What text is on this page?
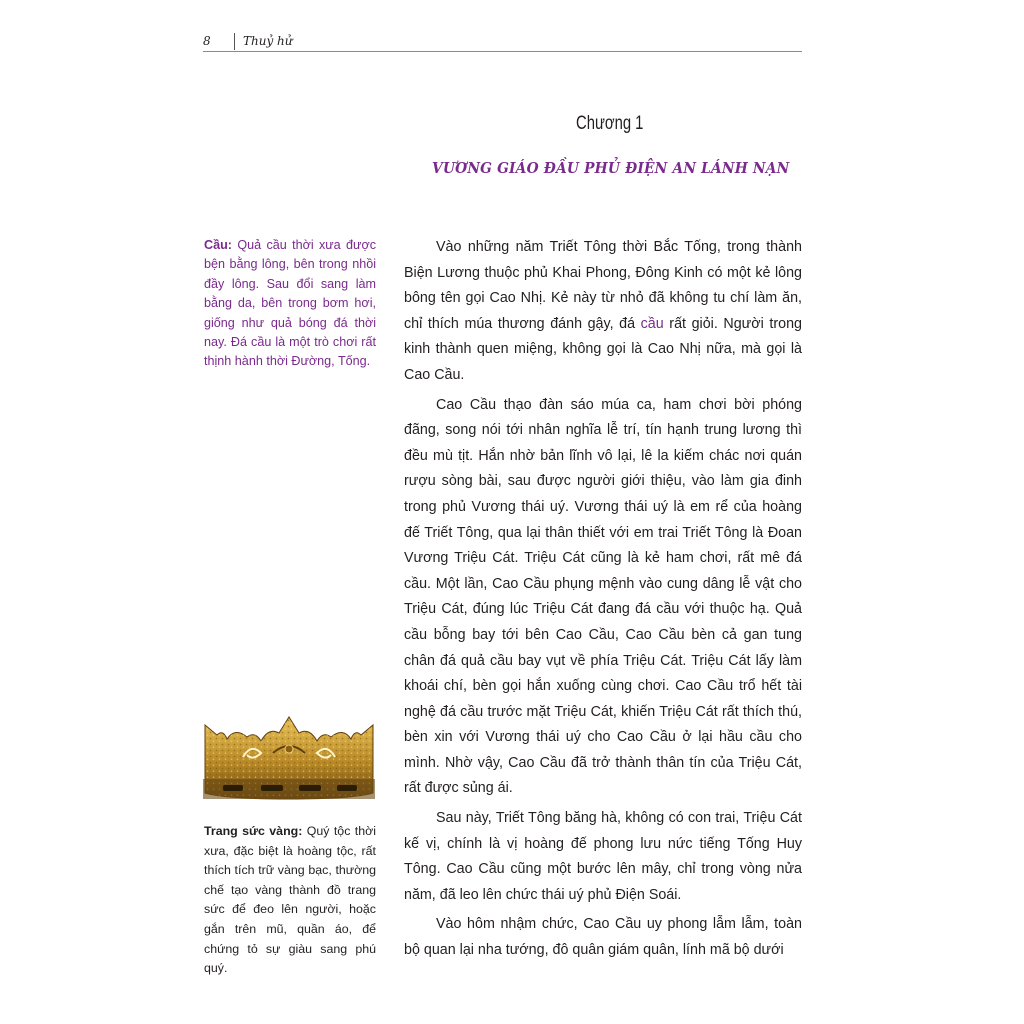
8	Thuỷ hử
Chương 1
VƯƠNG GIÁO ĐẦU PHỦ ĐIỆN AN LÁNH NẠN
Cầu: Quả cầu thời xưa được bện bằng lông, bên trong nhồi đầy lông. Sau đổi sang làm bằng da, bên trong bơm hơi, giống như quả bóng đá thời nay. Đá cầu là một trò chơi rất thịnh hành thời Đường, Tống.
Trang sức vàng: Quý tộc thời xưa, đặc biệt là hoàng tộc, rất thích tích trữ vàng bạc, thường chế tạo vàng thành đồ trang sức để đeo lên người, hoặc gắn trên mũ, quần áo, để chứng tỏ sự giàu sang phú quý.

Vào những năm Triết Tông thời Bắc Tống, trong thành Biện Lương thuộc phủ Khai Phong, Đông Kinh có một kẻ lông bông tên gọi Cao Nhị. Kẻ này từ nhỏ đã không tu chí làm ăn, chỉ thích múa thương đánh gậy, đá cầu rất giỏi. Người trong kinh thành quen miệng, không gọi là Cao Nhị nữa, mà gọi là Cao Cầu.

Cao Cầu thạo đàn sáo múa ca, ham chơi bời phóng đãng, song nói tới nhân nghĩa lễ trí, tín hạnh trung lương thì đều mù tịt. Hắn nhờ bản lĩnh vô lại, lê la kiếm chác nơi quán rượu sòng bài, sau được người giới thiệu, vào làm gia đinh trong phủ Vương thái uý. Vương thái uý là em rể của hoàng đế Triết Tông, qua lại thân thiết với em trai Triết Tông là Đoan Vương Triệu Cát. Triệu Cát cũng là kẻ ham chơi, rất mê đá cầu. Một lần, Cao Cầu phụng mệnh vào cung dâng lễ vật cho Triệu Cát, đúng lúc Triệu Cát đang đá cầu với thuộc hạ. Quả cầu bỗng bay tới bên Cao Cầu, Cao Cầu bèn cả gan tung chân đá quả cầu bay vụt về phía Triệu Cát. Triệu Cát lấy làm khoái chí, bèn gọi hắn xuống cùng chơi. Cao Cầu trổ hết tài nghệ đá cầu trước mặt Triệu Cát, khiến Triệu Cát rất thích thú, bèn xin với Vương thái uý cho Cao Cầu ở lại hầu cầu cho mình. Nhờ vậy, Cao Cầu đã trở thành thân tín của Triệu Cát, rất được sủng ái.

Sau này, Triết Tông băng hà, không có con trai, Triệu Cát kế vị, chính là vị hoàng đế phong lưu nức tiếng Tống Huy Tông. Cao Cầu cũng một bước lên mây, chỉ trong vòng nửa năm, đã leo lên chức thái uý phủ Điện Soái.

Vào hôm nhậm chức, Cao Cầu uy phong lẫm lẫm, toàn bộ quan lại nha tướng, đô quân giám quân, lính mã bộ dưới
